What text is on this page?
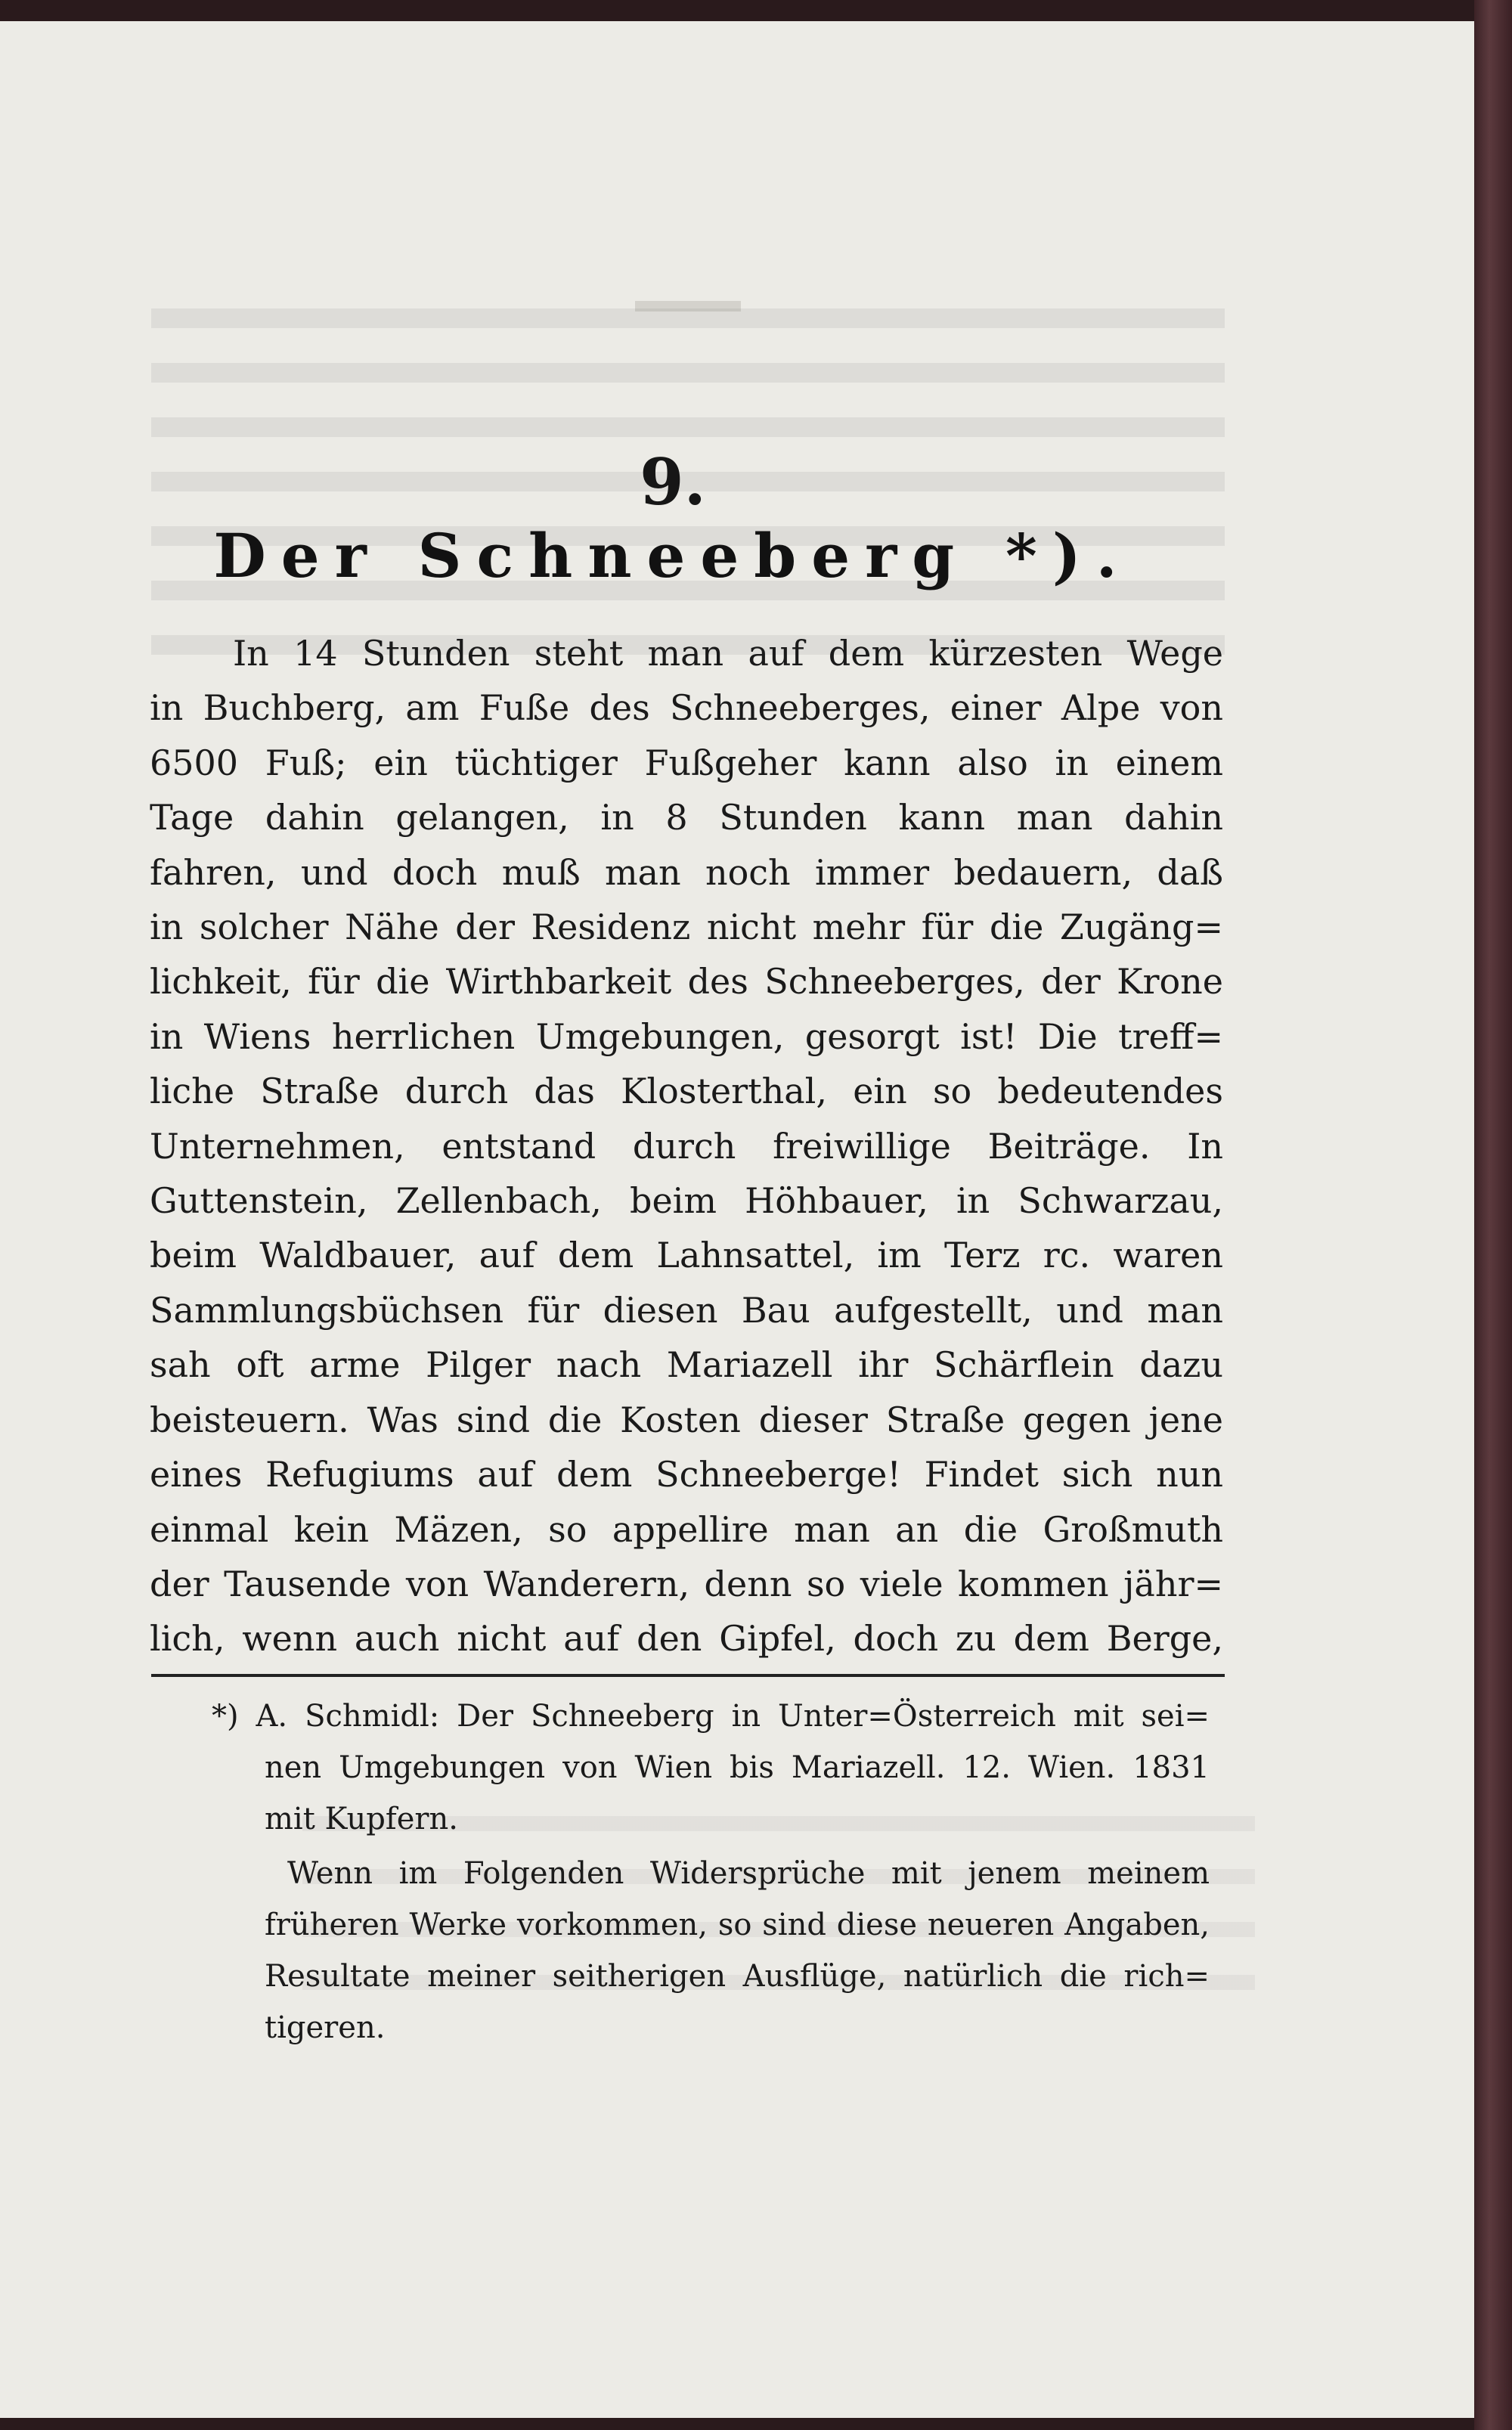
9.
Der Schneeberg *).
In 14 Stunden steht man auf dem kürzesten Wege
in Buchberg, am Fuße des Schneeberges, einer Alpe von
6500 Fuß; ein tüchtiger Fußgeher kann also in einem
Tage dahin gelangen, in 8 Stunden kann man dahin
fahren, und doch muß man noch immer bedauern, daß
in solcher Nähe der Residenz nicht mehr für die Zugäng=
lichkeit, für die Wirthbarkeit des Schneeberges, der Krone
in Wiens herrlichen Umgebungen, gesorgt ist! Die treff=
liche Straße durch das Klosterthal, ein so bedeutendes
Unternehmen, entstand durch freiwillige Beiträge. In
Guttenstein, Zellenbach, beim Höhbauer, in Schwarzau,
beim Waldbauer, auf dem Lahnsattel, im Terz rc. waren
Sammlungsbüchsen für diesen Bau aufgestellt, und man
sah oft arme Pilger nach Mariazell ihr Schärflein dazu
beisteuern. Was sind die Kosten dieser Straße gegen jene
eines Refugiums auf dem Schneeberge! Findet sich nun
einmal kein Mäzen, so appellire man an die Großmuth
der Tausende von Wanderern, denn so viele kommen jähr=
lich, wenn auch nicht auf den Gipfel, doch zu dem Berge,
*) A. Schmidl: Der Schneeberg in Unter=Österreich mit sei=
nen Umgebungen von Wien bis Mariazell. 12. Wien. 1831
mit Kupfern.
Wenn im Folgenden Widersprüche mit jenem meinem
früheren Werke vorkommen, so sind diese neueren Angaben,
Resultate meiner seitherigen Ausflüge, natürlich die rich=
tigeren.
